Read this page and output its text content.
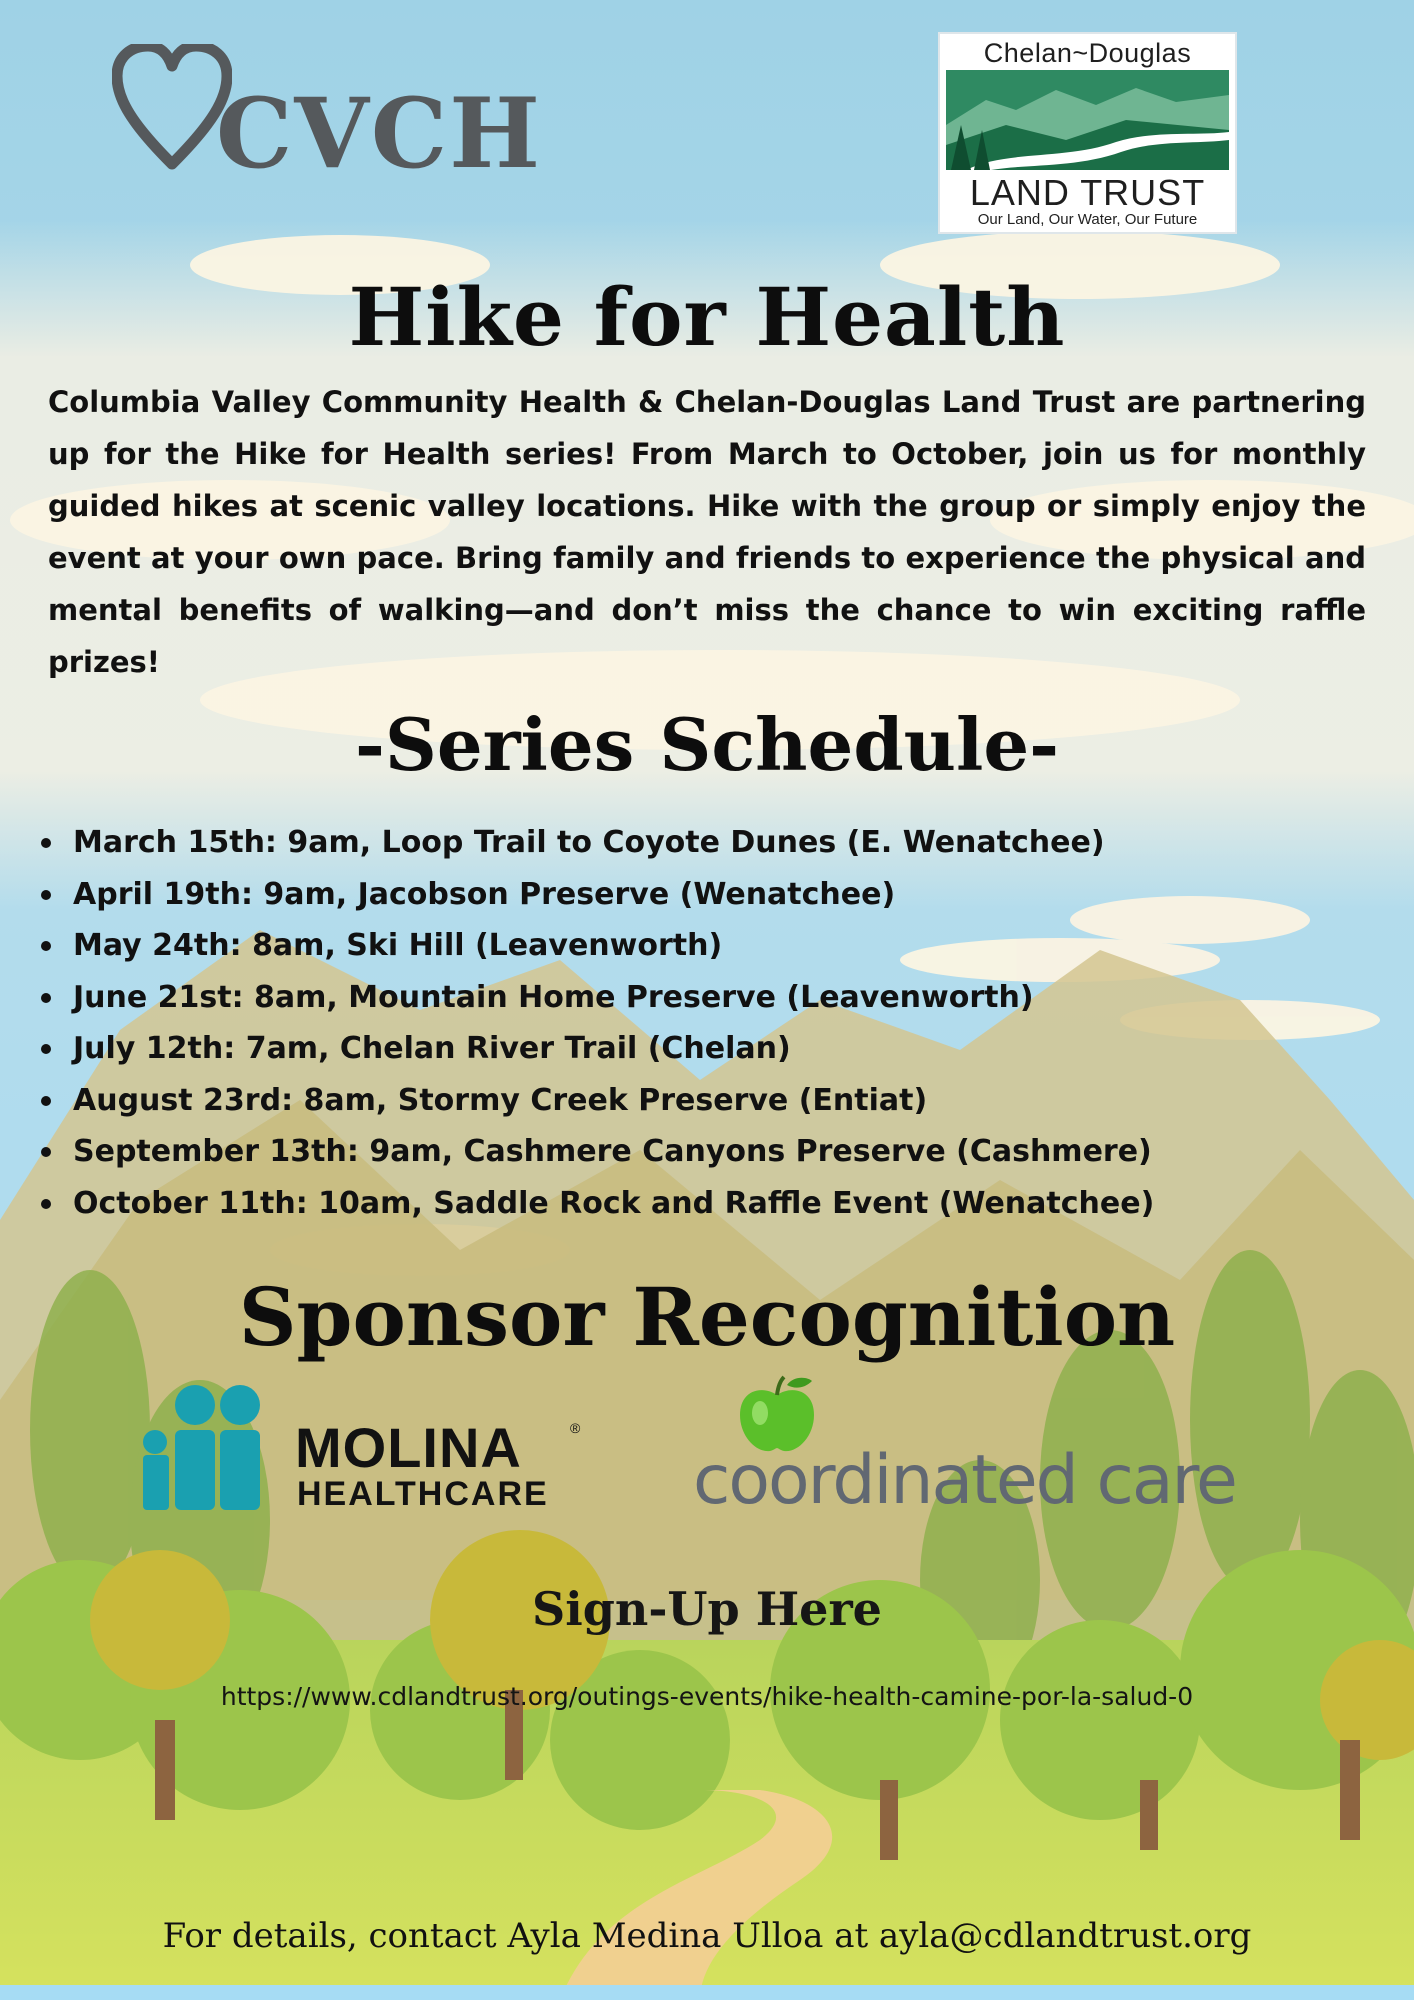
CVCH
Chelan~Douglas
LAND TRUST
Our Land, Our Water, Our Future
Hike for Health
Columbia Valley Community Health & Chelan-Douglas Land Trust are partnering up for the Hike for Health series! From March to October, join us for monthly guided hikes at scenic valley locations. Hike with the group or simply enjoy the event at your own pace. Bring family and friends to experience the physical and mental benefits of walking—and don’t miss the chance to win exciting raffle prizes!
-Series Schedule-
March 15th: 9am, Loop Trail to Coyote Dunes (E. Wenatchee)
April 19th: 9am, Jacobson Preserve (Wenatchee)
May 24th: 8am, Ski Hill (Leavenworth)
June 21st: 8am, Mountain Home Preserve (Leavenworth)
July 12th: 7am, Chelan River Trail (Chelan)
August 23rd: 8am, Stormy Creek Preserve (Entiat)
September 13th: 9am, Cashmere Canyons Preserve (Cashmere)
October 11th: 10am, Saddle Rock and Raffle Event (Wenatchee)
Sponsor Recognition
MOLINA	®
HEALTHCARE coordinated care
Sign-Up Here
https://www.cdlandtrust.org/outings-events/hike-health-camine-por-la-salud-0
For details, contact Ayla Medina Ulloa at ayla@cdlandtrust.org
